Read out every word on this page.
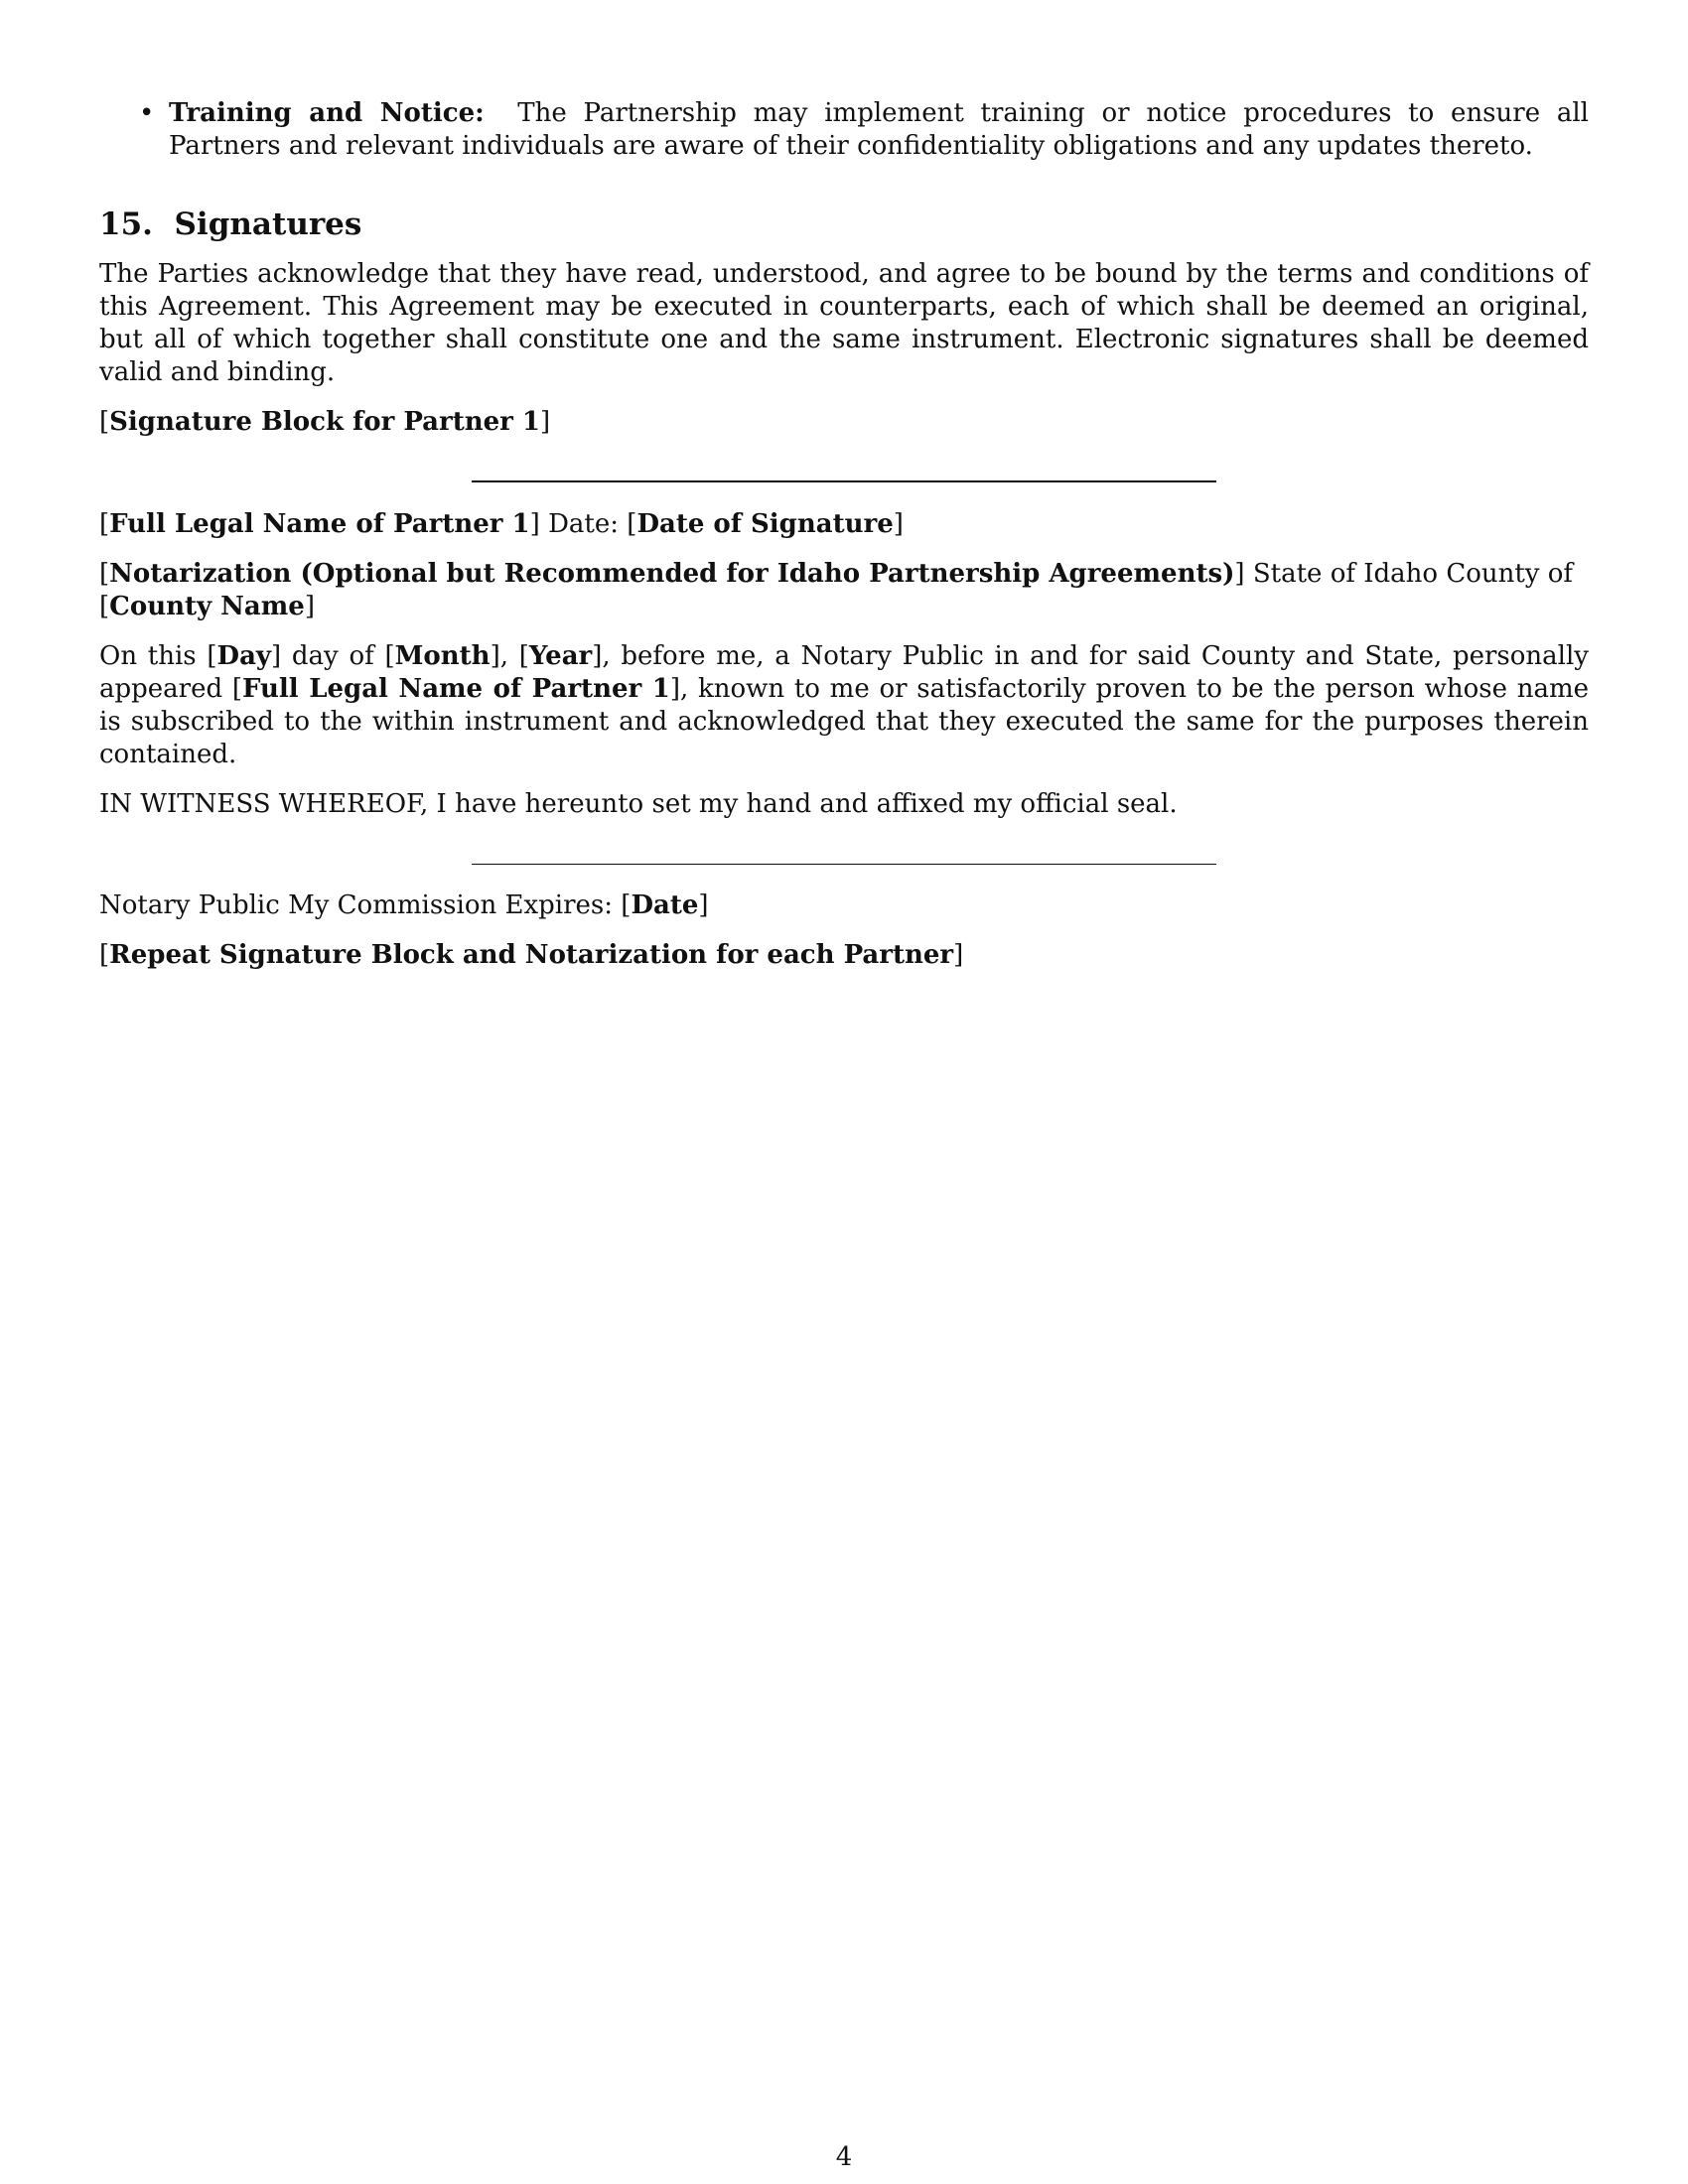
• Training and Notice: The Partnership may implement training or notice procedures to ensure all Partners and relevant individuals are aware of their confidentiality obligations and any updates thereto.

15. Signatures

The Parties acknowledge that they have read, understood, and agree to be bound by the terms and conditions of this Agreement. This Agreement may be executed in counterparts, each of which shall be deemed an original, but all of which together shall constitute one and the same instrument. Electronic signatures shall be deemed valid and binding.

[Signature Block for Partner 1]

[Full Legal Name of Partner 1] Date: [Date of Signature]

[Notarization (Optional but Recommended for Idaho Partnership Agreements)] State of Idaho County of [County Name]

On this [Day] day of [Month], [Year], before me, a Notary Public in and for said County and State, personally appeared [Full Legal Name of Partner 1], known to me or satisfactorily proven to be the person whose name is subscribed to the within instrument and acknowledged that they executed the same for the purposes therein contained.

IN WITNESS WHEREOF, I have hereunto set my hand and affixed my official seal.

Notary Public My Commission Expires: [Date]

[Repeat Signature Block and Notarization for each Partner]

4
